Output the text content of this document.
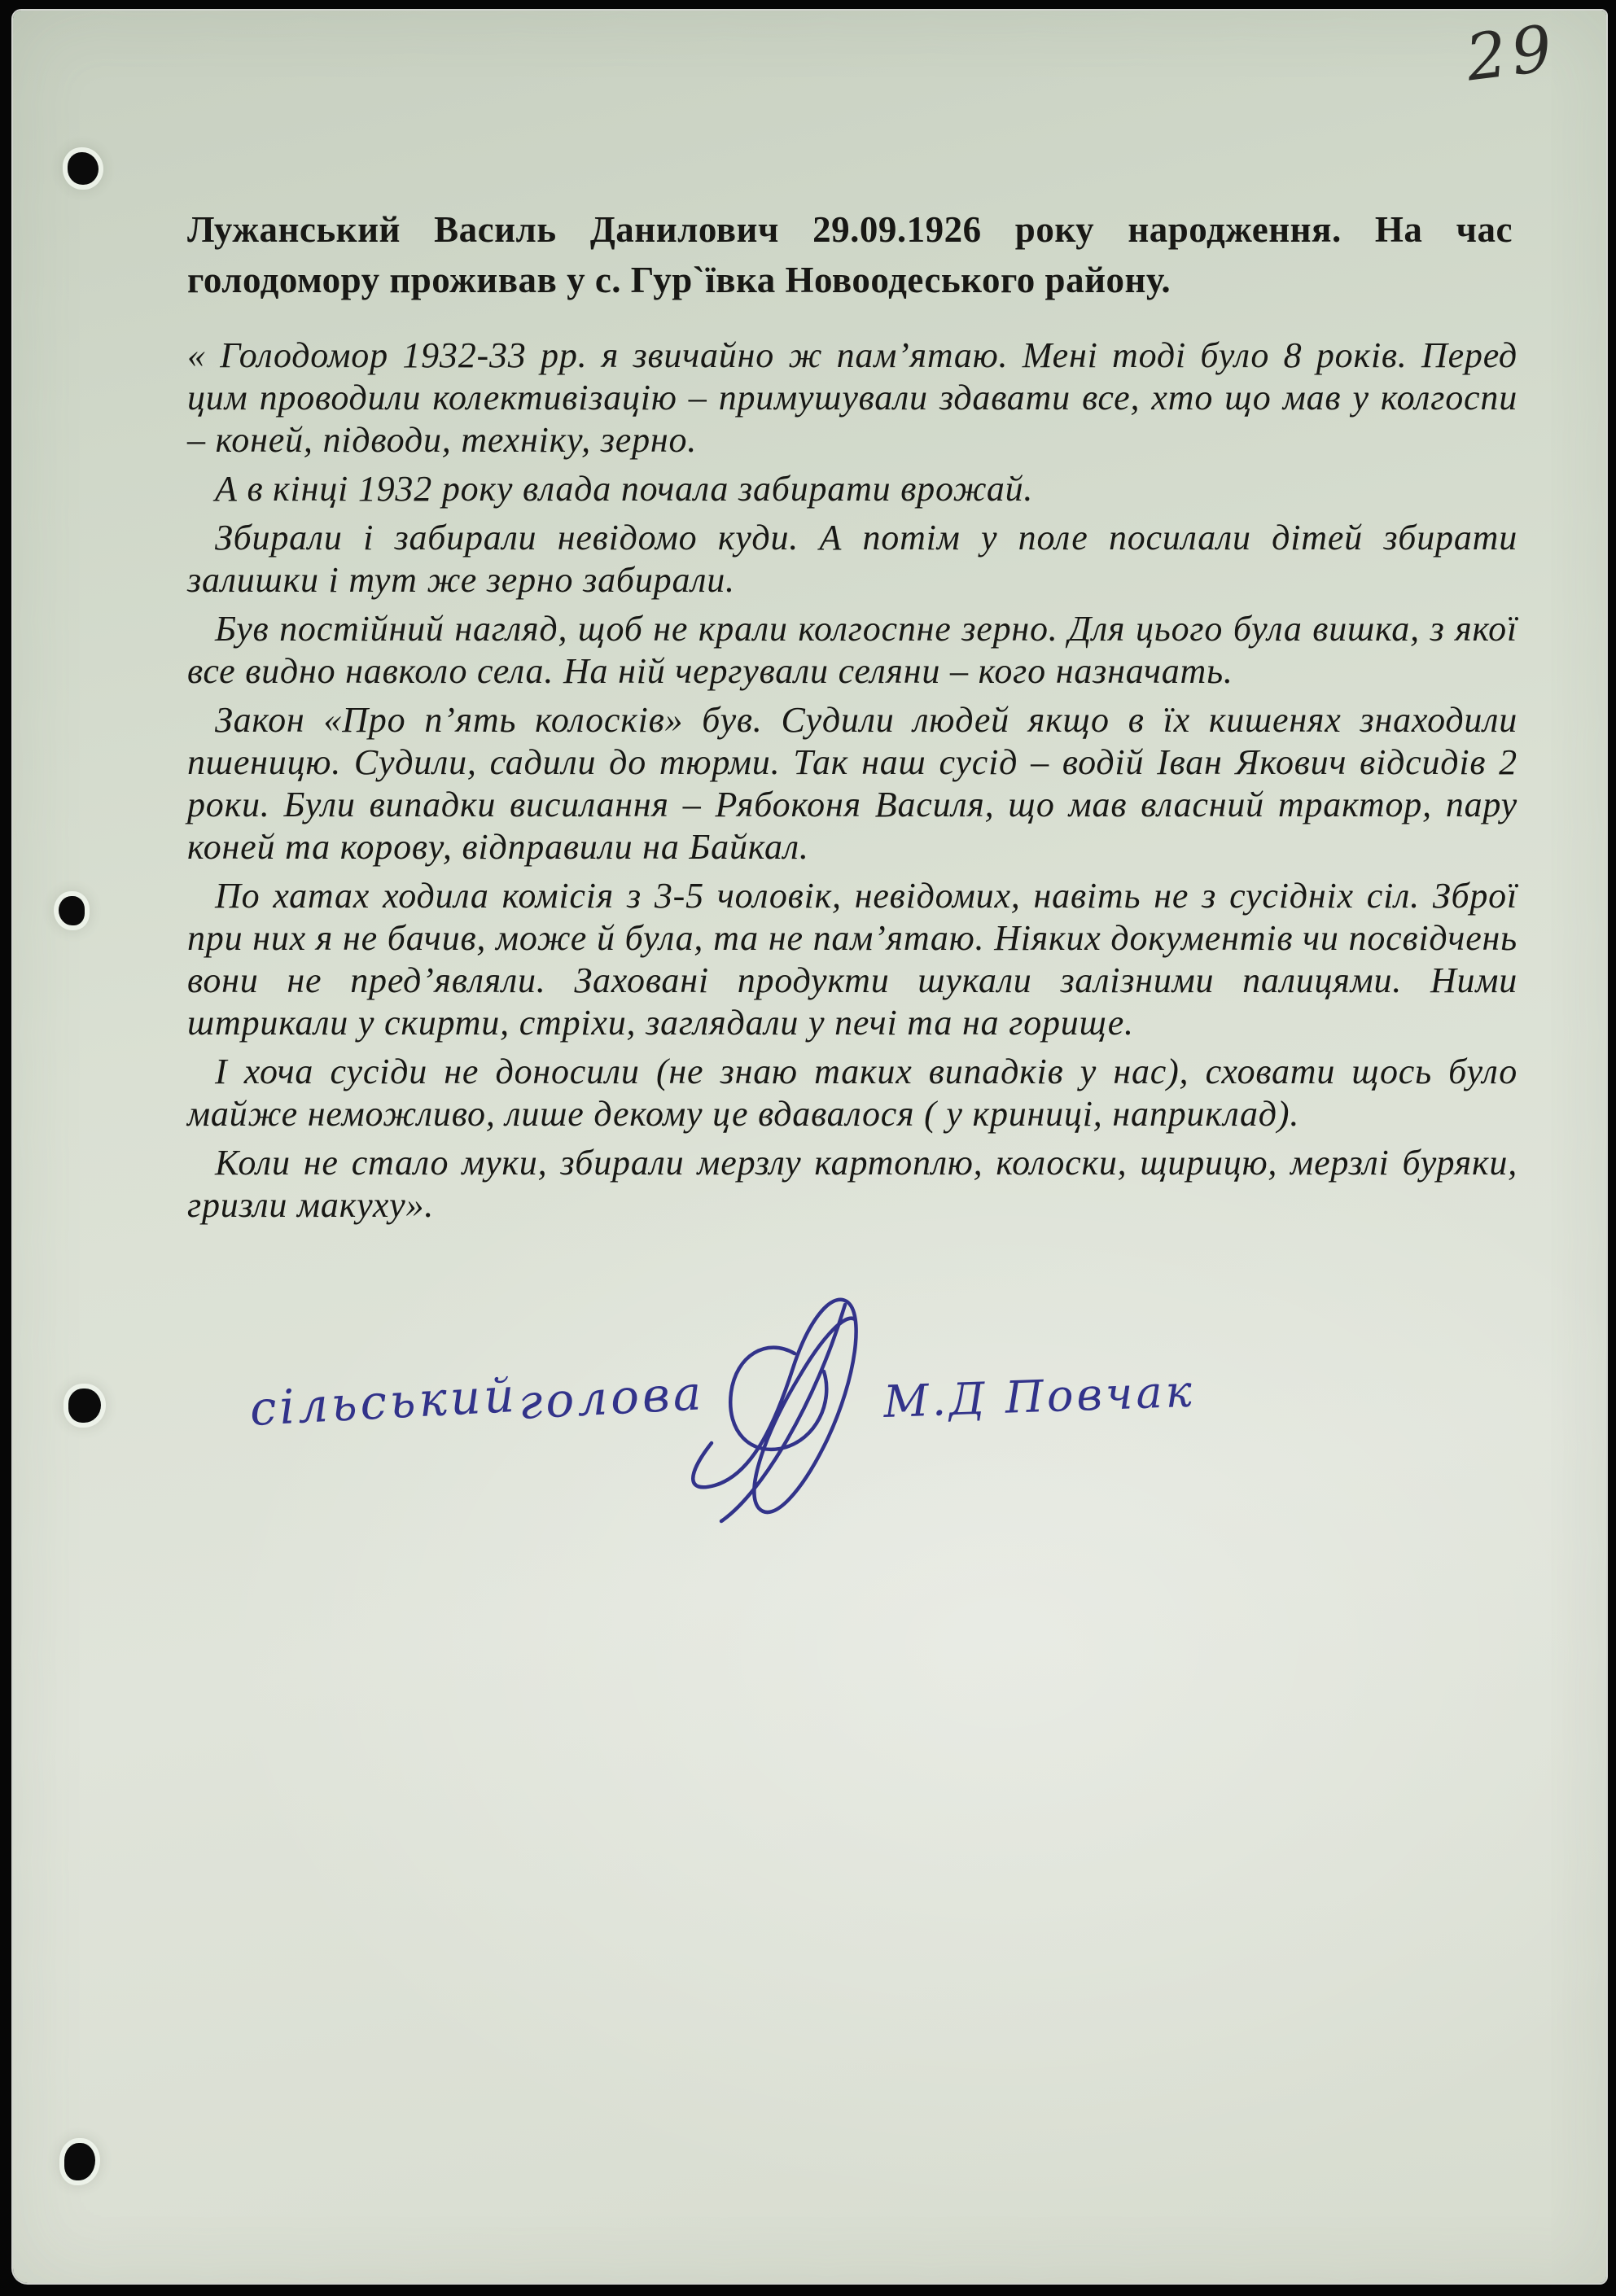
29
Лужанський Василь Данилович 29.09.1926 року народження. На час голодомору проживав у с. Гур`ївка Новоодеського району.

« Голодомор 1932-33 рр. я звичайно ж пам’ятаю. Мені тоді було 8 років. Перед цим проводили колективізацію – примушували здавати все, хто що мав у колгоспи – коней, підводи, техніку, зерно.

А в кінці 1932 року влада почала забирати врожай.

Збирали і забирали невідомо куди. А потім у поле посилали дітей збирати залишки і тут же зерно забирали.

Був постійний нагляд, щоб не крали колгоспне зерно. Для цього була вишка, з якої все видно навколо села. На ній чергували селяни – кого назначать.

Закон «Про п’ять колосків» був. Судили людей якщо в їх кишенях знаходили пшеницю. Судили, садили до тюрми. Так наш сусід – водій Іван Якович відсидів 2 роки. Були випадки висилання – Рябоконя Василя, що мав власний трактор, пару коней та корову, відправили на Байкал.

По хатах ходила комісія з 3-5 чоловік, невідомих, навіть не з сусідніх сіл. Зброї при них я не бачив, може й була, та не пам’ятаю. Ніяких документів чи посвідчень вони не пред’являли. Заховані продукти шукали залізними палицями. Ними штрикали у скирти, стріхи, заглядали у печі та на горище.

І хоча сусіди не доносили (не знаю таких випадків у нас), сховати щось було майже неможливо, лише декому це вдавалося ( у криниці, наприклад).

Коли не стало муки, збирали мерзлу картоплю, колоски, щирицю, мерзлі буряки, гризли макуху».

сільський
голова	М.Д Повчак
